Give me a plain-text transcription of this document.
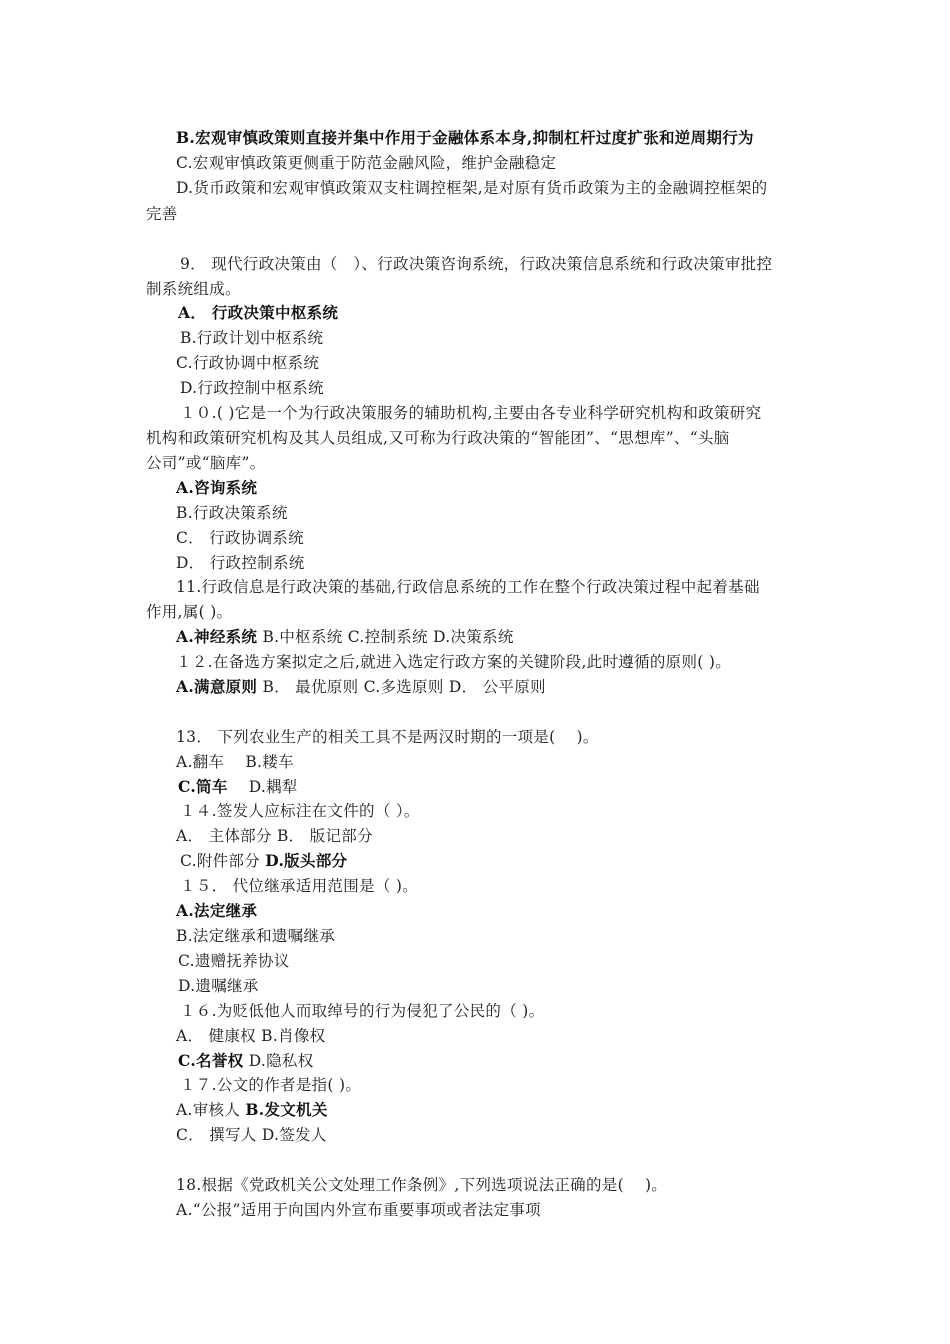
B.宏观审慎政策则直接并集中作用于金融体系本身,抑制杠杆过度扩张和逆周期行为
C.宏观审慎政策更侧重于防范金融风险，维护金融稳定
D.货币政策和宏观审慎政策双支柱调控框架,是对原有货币政策为主的金融调控框架的
完善
9． 现代行政决策由（　）、行政决策咨询系统，行政决策信息系统和行政决策审批控
制系统组成。
A． 行政决策中枢系统
B.行政计划中枢系统
C.行政协调中枢系统
D.行政控制中枢系统
１０.( )它是一个为行政决策服务的辅助机构,主要由各专业科学研究机构和政策研究
机构和政策研究机构及其人员组成,又可称为行政决策的“智能团”、“思想库”、“头脑
公司”或“脑库”。
A.咨询系统
B.行政决策系统
C． 行政协调系统
D． 行政控制系统
11.行政信息是行政决策的基础,行政信息系统的工作在整个行政决策过程中起着基础
作用,属( )。
A.神经系统 B.中枢系统 C.控制系统 D.决策系统
１２.在备选方案拟定之后,就进入选定行政方案的关键阶段,此时遵循的原则( )。
A.满意原则 B． 最优原则 C.多选原则 D． 公平原则
13． 下列农业生产的相关工具不是两汉时期的一项是(　 )。
A.翻车　 B.耧车
C.筒车　 D.耦犁
１４.签发人应标注在文件的（ ）。
A． 主体部分 B． 版记部分
C.附件部分 D.版头部分
１５． 代位继承适用范围是（ )。
A.法定继承
B.法定继承和遗嘱继承
C.遗赠抚养协议
D.遗嘱继承
１６.为贬低他人而取绰号的行为侵犯了公民的（ )。
A． 健康权 B.肖像权
C.名誉权 D.隐私权
１７.公文的作者是指( )。
A.审核人 B.发文机关
C． 撰写人 D.签发人
18.根据《党政机关公文处理工作条例》,下列选项说法正确的是(　 )。
A.“公报”适用于向国内外宣布重要事项或者法定事项
